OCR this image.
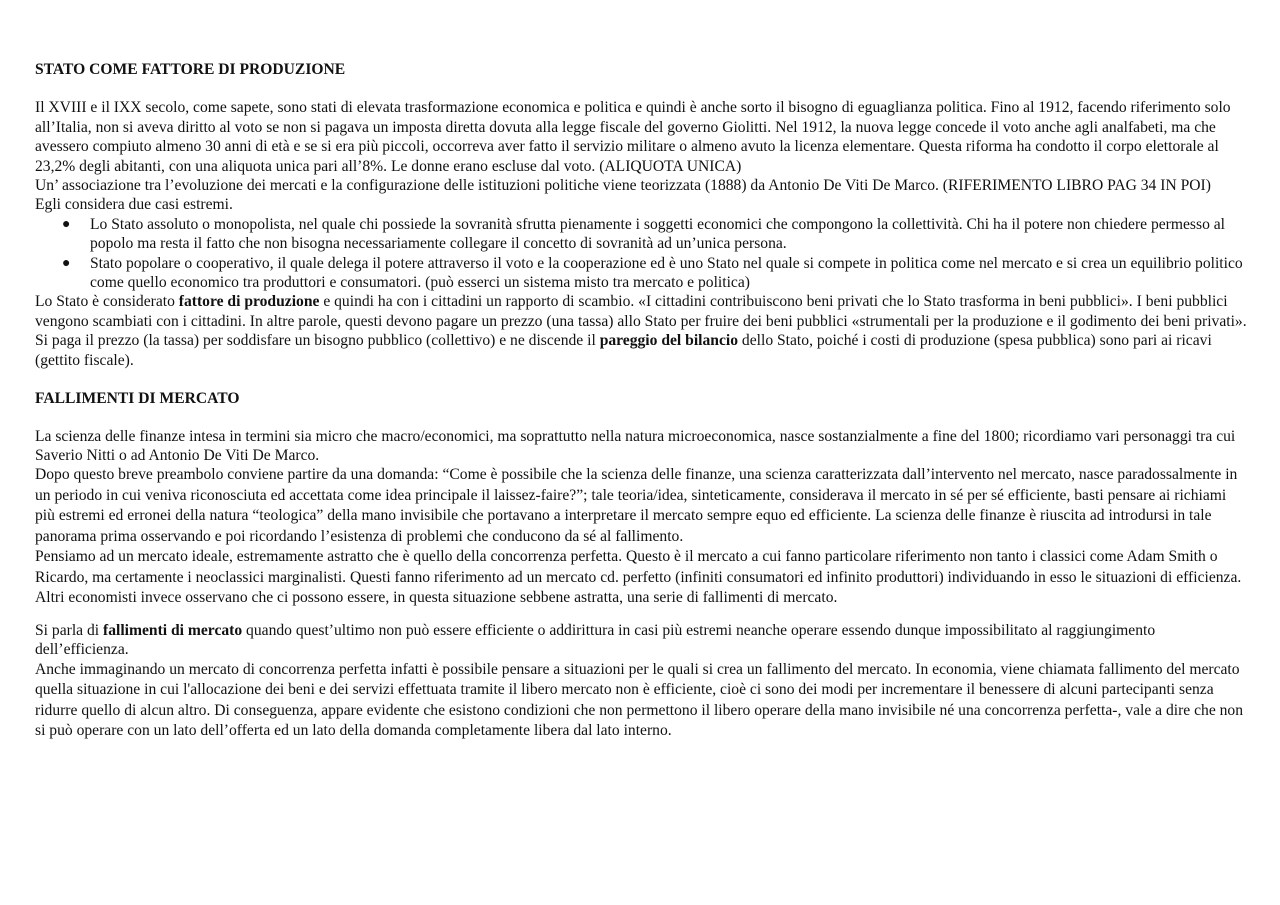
STATO COME FATTORE DI PRODUZIONE

Il XVIII e il IXX secolo, come sapete, sono stati di elevata trasformazione economica e politica e quindi è anche sorto il bisogno di eguaglianza politica. Fino al 1912, facendo riferimento solo all’Italia, non si aveva diritto al voto se non si pagava un imposta diretta dovuta alla legge fiscale del governo Giolitti. Nel 1912, la nuova legge concede il voto anche agli analfabeti, ma che avessero compiuto almeno 30 anni di età e se si era più piccoli, occorreva aver fatto il servizio militare o almeno avuto la licenza elementare. Questa riforma ha condotto il corpo elettorale al 23,2% degli abitanti, con una aliquota unica pari all’8%. Le donne erano escluse dal voto. (ALIQUOTA UNICA)

Un’ associazione tra l’evoluzione dei mercati e la configurazione delle istituzioni politiche viene teorizzata (1888) da Antonio De Viti De Marco. (RIFERIMENTO LIBRO PAG 34 IN POI)

Egli considera due casi estremi.

● Lo Stato assoluto o monopolista, nel quale chi possiede la sovranità sfrutta pienamente i soggetti economici che compongono la collettività. Chi ha il potere non chiedere permesso al popolo ma resta il fatto che non bisogna necessariamente collegare il concetto di sovranità ad un’unica persona.
● Stato popolare o cooperativo, il quale delega il potere attraverso il voto e la cooperazione ed è uno Stato nel quale si compete in politica come nel mercato e si crea un equilibrio politico come quello economico tra produttori e consumatori. (può esserci un sistema misto tra mercato e politica)

Lo Stato è considerato fattore di produzione e quindi ha con i cittadini un rapporto di scambio. «I cittadini contribuiscono beni privati che lo Stato trasforma in beni pubblici». I beni pubblici vengono scambiati con i cittadini. In altre parole, questi devono pagare un prezzo (una tassa) allo Stato per fruire dei beni pubblici «strumentali per la produzione e il godimento dei beni privati».

Si paga il prezzo (la tassa) per soddisfare un bisogno pubblico (collettivo) e ne discende il pareggio del bilancio dello Stato, poiché i costi di produzione (spesa pubblica) sono pari ai ricavi (gettito fiscale).

FALLIMENTI DI MERCATO

La scienza delle finanze intesa in termini sia micro che macro/economici, ma soprattutto nella natura microeconomica, nasce sostanzialmente a fine del 1800; ricordiamo vari personaggi tra cui Saverio Nitti o ad Antonio De Viti De Marco.

Dopo questo breve preambolo conviene partire da una domanda: “Come è possibile che la scienza delle finanze, una scienza caratterizzata dall’intervento nel mercato, nasce paradossalmente in un periodo in cui veniva riconosciuta ed accettata come idea principale il laissez-faire?”; tale teoria/idea, sinteticamente, considerava il mercato in sé per sé efficiente, basti pensare ai richiami più estremi ed erronei della natura “teologica” della mano invisibile che portavano a interpretare il mercato sempre equo ed efficiente. La scienza delle finanze è riuscita ad introdursi in tale panorama prima osservando e poi ricordando l’esistenza di problemi che conducono da sé al fallimento.

Pensiamo ad un mercato ideale, estremamente astratto che è quello della concorrenza perfetta. Questo è il mercato a cui fanno particolare riferimento non tanto i classici come Adam Smith o Ricardo, ma certamente i neoclassici marginalisti. Questi fanno riferimento ad un mercato cd. perfetto (infiniti consumatori ed infinito produttori) individuando in esso le situazioni di efficienza. Altri economisti invece osservano che ci possono essere, in questa situazione sebbene astratta, una serie di fallimenti di mercato.

Si parla di fallimenti di mercato quando quest’ultimo non può essere efficiente o addirittura in casi più estremi neanche operare essendo dunque impossibilitato al raggiungimento dell’efficienza.

Anche immaginando un mercato di concorrenza perfetta infatti è possibile pensare a situazioni per le quali si crea un fallimento del mercato. In economia, viene chiamata fallimento del mercato quella situazione in cui l'allocazione dei beni e dei servizi effettuata tramite il libero mercato non è efficiente, cioè ci sono dei modi per incrementare il benessere di alcuni partecipanti senza ridurre quello di alcun altro. Di conseguenza, appare evidente che esistono condizioni che non permettono il libero operare della mano invisibile né una concorrenza perfetta-, vale a dire che non si può operare con un lato dell’offerta ed un lato della domanda completamente libera dal lato interno.
